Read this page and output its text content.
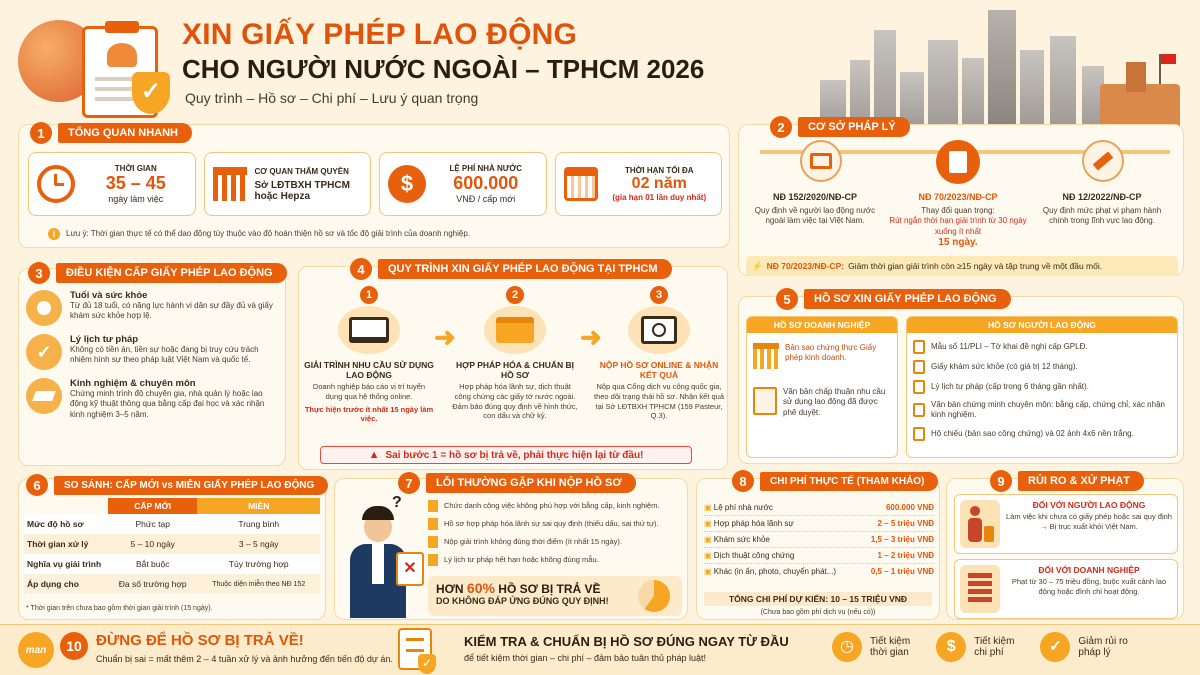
✓
XIN GIẤY PHÉP LAO ĐỘNG
CHO NGƯỜI NƯỚC NGOÀI – TPHCM 2026
Quy trình – Hồ sơ – Chi phí – Lưu ý quan trọng
1	TỔNG QUAN NHANH
THỜI GIAN
35 – 45
ngày làm việc
CƠ QUAN THẨM QUYỀN
Sở LĐTBXH TPHCM
hoặc Hepza	$
LỆ PHÍ NHÀ NƯỚC
600.000
VNĐ / cấp mới
THỜI HẠN TỐI ĐA
02 năm
(gia hạn 01 lần duy nhất)
i	Lưu ý: Thời gian thực tế có thể dao động tùy thuộc vào độ hoàn thiện hồ sơ và tốc độ giải trình của doanh nghiệp.
2	CƠ SỞ PHÁP LÝ
NĐ 152/2020/NĐ-CP
Quy định về người lao động nước ngoài làm việc tại Việt Nam.
NĐ 70/2023/NĐ-CP
Thay đổi quan trọng:
Rút ngắn thời hạn giải trình từ 30 ngày xuống ít nhất
15 ngày.
NĐ 12/2022/NĐ-CP
Quy định mức phạt vi phạm hành chính trong lĩnh vực lao động.
⚡ NĐ 70/2023/NĐ-CP: Giảm thời gian giải trình còn ≥15 ngày và tập trung về một đầu mối.
3	ĐIỀU KIỆN CẤP GIẤY PHÉP LAO ĐỘNG
Tuổi và sức khỏe
Từ đủ 18 tuổi, có năng lực hành vi dân sự đầy đủ và giấy khám sức khỏe hợp lệ.
✓
Lý lịch tư pháp
Không có tiền án, tiền sự hoặc đang bị truy cứu trách nhiệm hình sự theo pháp luật Việt Nam và quốc tế.
Kinh nghiệm & chuyên môn
Chứng minh trình độ chuyên gia, nhà quản lý hoặc lao động kỹ thuật thông qua bằng cấp đại học và xác nhận kinh nghiệm 3–5 năm.
4	QUY TRÌNH XIN GIẤY PHÉP LAO ĐỘNG TẠI TPHCM
1
GIẢI TRÌNH NHU CẦU SỬ DỤNG LAO ĐỘNG
Doanh nghiệp báo cáo vị trí tuyển dụng qua hệ thống online.
Thực hiện trước ít nhất 15 ngày làm việc.
➜
2
HỢP PHÁP HÓA & CHUẨN BỊ HỒ SƠ
Hợp pháp hóa lãnh sự, dịch thuật công chứng các giấy tờ nước ngoài. Đảm bảo đúng quy định về hình thức, con dấu và chữ ký.
➜
3
NỘP HỒ SƠ ONLINE & NHẬN KẾT QUẢ
Nộp qua Cổng dịch vụ công quốc gia, theo dõi trạng thái hồ sơ. Nhận kết quả tại Sở LĐTBXH TPHCM (159 Pasteur, Q.3).
▲ Sai bước 1 = hồ sơ bị trả về, phải thực hiện lại từ đầu!
5	HỒ SƠ XIN GIẤY PHÉP LAO ĐỘNG
HỒ SƠ DOANH NGHIỆP
Bản sao chứng thực Giấy phép kinh doanh.
Văn bản chấp thuận nhu cầu sử dụng lao động đã được phê duyệt.
HỒ SƠ NGƯỜI LAO ĐỘNG
Mẫu số 11/PLI – Tờ khai đề nghị cấp GPLĐ.
Giấy khám sức khỏe (có giá trị 12 tháng).
Lý lịch tư pháp (cấp trong 6 tháng gần nhất).
Văn bản chứng minh chuyên môn: bằng cấp, chứng chỉ, xác nhận kinh nghiệm.
Hộ chiếu (bản sao công chứng) và 02 ảnh 4x6 nền trắng.
6	SO SÁNH: CẤP MỚI vs MIỄN GIẤY PHÉP LAO ĐỘNG
	CẤP MỚI	MIỄN
Mức độ hồ sơ	Phức tạp	Trung bình
Thời gian xử lý	5 – 10 ngày	3 – 5 ngày
Nghĩa vụ giải trình	Bắt buộc	Tùy trường hợp
Áp dụng cho	Đa số trường hợp	Thuộc diện miễn theo NĐ 152
* Thời gian trên chưa bao gồm thời gian giải trình (15 ngày).
7	LỖI THƯỜNG GẶP KHI NỘP HỒ SƠ
?
✕
Chức danh công việc không phù hợp với bằng cấp, kinh nghiệm.
Hồ sơ hợp pháp hóa lãnh sự sai quy định (thiếu dấu, sai thứ tự).
Nộp giải trình không đúng thời điểm (ít nhất 15 ngày).
Lý lịch tư pháp hết hạn hoặc không đúng mẫu.
HƠN 60% HỒ SƠ BỊ TRẢ VỀ
DO KHÔNG ĐÁP ỨNG ĐÚNG QUY ĐỊNH!
8	CHI PHÍ THỰC TẾ (THAM KHẢO)
▣ Lệ phí nhà nước	600.000 VNĐ
▣ Hợp pháp hóa lãnh sự	2 – 5 triệu VNĐ
▣ Khám sức khỏe	1,5 – 3 triệu VNĐ
▣ Dịch thuật công chứng	1 – 2 triệu VNĐ
▣ Khác (in ấn, photo, chuyển phát...)	0,5 – 1 triệu VNĐ
TỔNG CHI PHÍ DỰ KIẾN: 10 – 15 TRIỆU VNĐ
(Chưa bao gồm phí dịch vụ (nếu có))
9	RỦI RO & XỬ PHẠT
ĐỐI VỚI NGƯỜI LAO ĐỘNG
Làm việc khi chưa có giấy phép hoặc sai quy định → Bị trục xuất khỏi Việt Nam.
ĐỐI VỚI DOANH NGHIỆP
Phạt từ 30 – 75 triệu đồng, buộc xuất cảnh lao động hoặc đình chỉ hoạt động.
man	10 ĐỪNG ĐỂ HỒ SƠ BỊ TRẢ VỀ!
Chuẩn bị sai = mất thêm 2 – 4 tuần xử lý và ảnh hưởng đến tiến độ dự án.	✓
KIỂM TRA & CHUẨN BỊ HỒ SƠ ĐÚNG NGAY TỪ ĐẦU
để tiết kiệm thời gian – chi phí – đảm bảo tuân thủ pháp luật!
◷	Tiết kiệm
thời gian	$	Tiết kiệm
chi phí	✓	Giảm rủi ro
pháp lý
